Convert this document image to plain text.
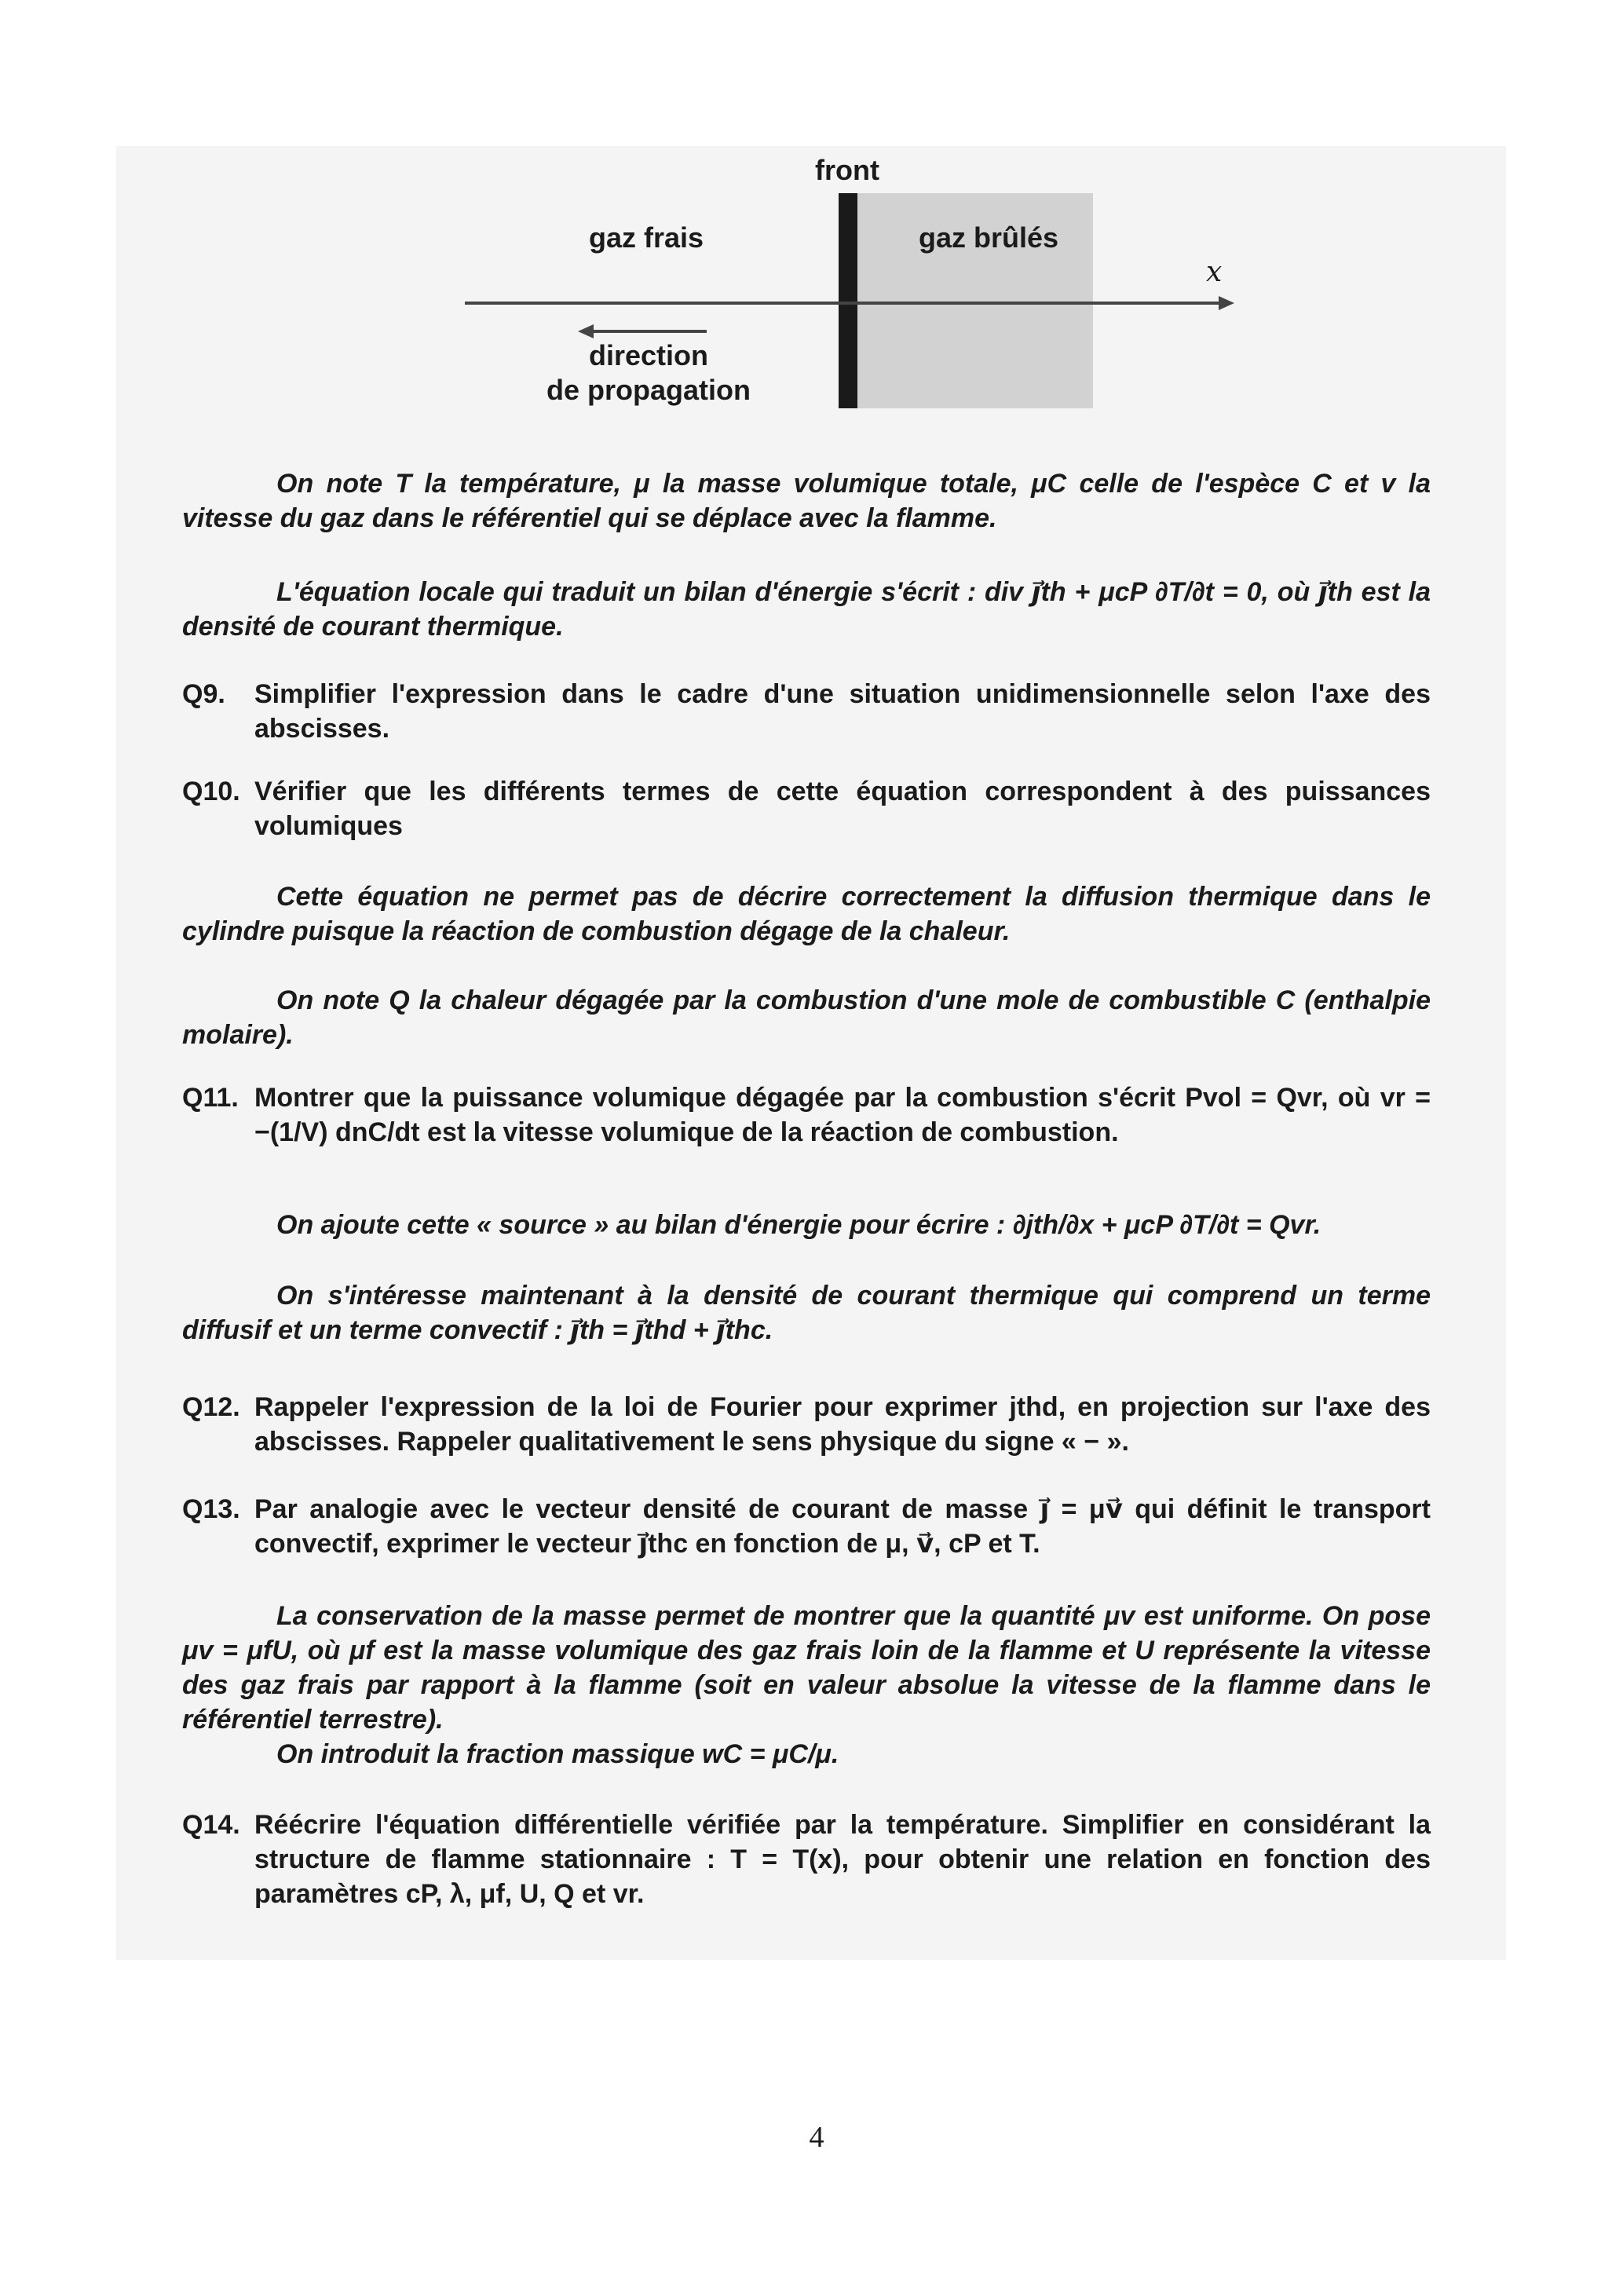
front
gaz frais	gaz brûlés
x
direction
de propagation
On note T la température, μ la masse volumique totale, μC celle de l'espèce C et v la vitesse du gaz dans le référentiel qui se déplace avec la flamme.
L'équation locale qui traduit un bilan d'énergie s'écrit : div j⃗th + μcP ∂T/∂t = 0, où j⃗th est la densité de courant thermique.
Q9. Simplifier l'expression dans le cadre d'une situation unidimensionnelle selon l'axe des abscisses.
Q10. Vérifier que les différents termes de cette équation correspondent à des puissances volumiques
Cette équation ne permet pas de décrire correctement la diffusion thermique dans le cylindre puisque la réaction de combustion dégage de la chaleur.
On note Q la chaleur dégagée par la combustion d'une mole de combustible C (enthalpie molaire).
Q11. Montrer que la puissance volumique dégagée par la combustion s'écrit Pvol = Qvr, où vr = −(1/V) dnC/dt est la vitesse volumique de la réaction de combustion.
On ajoute cette « source » au bilan d'énergie pour écrire : ∂jth/∂x + μcP ∂T/∂t = Qvr.
On s'intéresse maintenant à la densité de courant thermique qui comprend un terme diffusif et un terme convectif : j⃗th = j⃗thd + j⃗thc.
Q12. Rappeler l'expression de la loi de Fourier pour exprimer jthd, en projection sur l'axe des abscisses. Rappeler qualitativement le sens physique du signe « − ».
Q13. Par analogie avec le vecteur densité de courant de masse j⃗ = μv⃗ qui définit le transport convectif, exprimer le vecteur j⃗thc en fonction de μ, v⃗, cP et T.
La conservation de la masse permet de montrer que la quantité μv est uniforme. On pose μv = μfU, où μf est la masse volumique des gaz frais loin de la flamme et U représente la vitesse des gaz frais par rapport à la flamme (soit en valeur absolue la vitesse de la flamme dans le référentiel terrestre).
On introduit la fraction massique wC = μC/μ.
Q14. Réécrire l'équation différentielle vérifiée par la température. Simplifier en considérant la structure de flamme stationnaire : T = T(x), pour obtenir une relation en fonction des paramètres cP, λ, μf, U, Q et vr.
4
